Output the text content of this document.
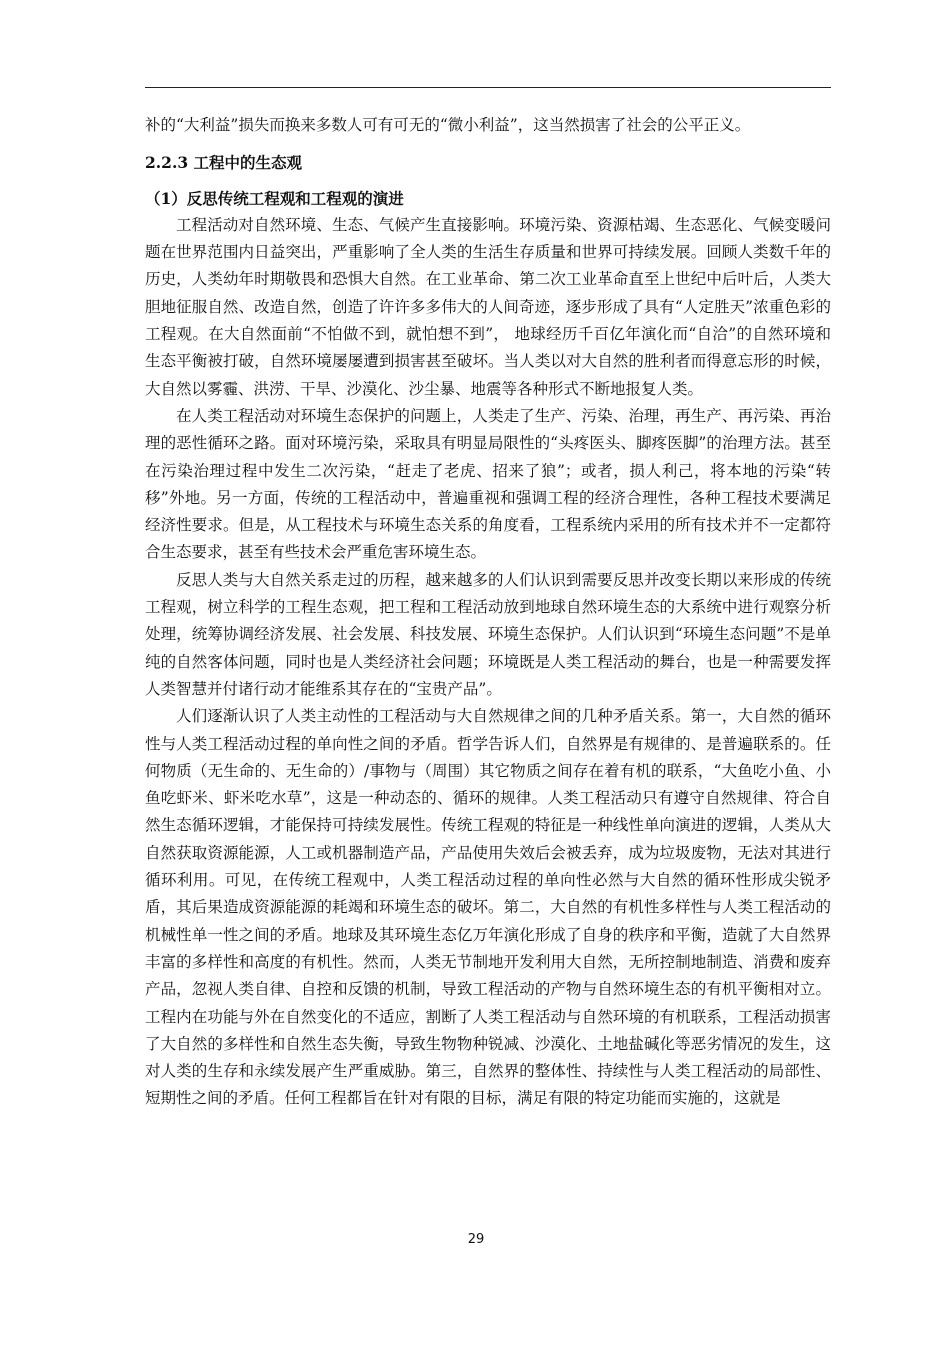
补的“大利益”损失而换来多数人可有可无的“微小利益”，这当然损害了社会的公平正义。

2.2.3 工程中的生态观
（1）反思传统工程观和工程观的演进

工程活动对自然环境、生态、气候产生直接影响。环境污染、资源枯竭、生态恶化、气候变暖问题在世界范围内日益突出，严重影响了全人类的生活生存质量和世界可持续发展。回顾人类数千年的历史，人类幼年时期敬畏和恐惧大自然。在工业革命、第二次工业革命直至上世纪中后叶后，人类大胆地征服自然、改造自然，创造了许许多多伟大的人间奇迹，逐步形成了具有“人定胜天”浓重色彩的工程观。在大自然面前“不怕做不到，就怕想不到”， 地球经历千百亿年演化而“自洽”的自然环境和生态平衡被打破，自然环境屡屡遭到损害甚至破坏。当人类以对大自然的胜利者而得意忘形的时候，大自然以雾霾、洪涝、干旱、沙漠化、沙尘暴、地震等各种形式不断地报复人类。

在人类工程活动对环境生态保护的问题上，人类走了生产、污染、治理，再生产、再污染、再治理的恶性循环之路。面对环境污染，采取具有明显局限性的“头疼医头、脚疼医脚”的治理方法。甚至在污染治理过程中发生二次污染，“赶走了老虎、招来了狼”；或者，损人利己，将本地的污染“转移”外地。另一方面，传统的工程活动中，普遍重视和强调工程的经济合理性，各种工程技术要满足经济性要求。但是，从工程技术与环境生态关系的角度看，工程系统内采用的所有技术并不一定都符合生态要求，甚至有些技术会严重危害环境生态。

反思人类与大自然关系走过的历程，越来越多的人们认识到需要反思并改变长期以来形成的传统工程观，树立科学的工程生态观，把工程和工程活动放到地球自然环境生态的大系统中进行观察分析处理，统筹协调经济发展、社会发展、科技发展、环境生态保护。人们认识到“环境生态问题”不是单纯的自然客体问题，同时也是人类经济社会问题；环境既是人类工程活动的舞台，也是一种需要发挥人类智慧并付诸行动才能维系其存在的“宝贵产品”。

人们逐渐认识了人类主动性的工程活动与大自然规律之间的几种矛盾关系。第一，大自然的循环性与人类工程活动过程的单向性之间的矛盾。哲学告诉人们，自然界是有规律的、是普遍联系的。任何物质（无生命的、无生命的）/事物与（周围）其它物质之间存在着有机的联系，“大鱼吃小鱼、小鱼吃虾米、虾米吃水草”，这是一种动态的、循环的规律。人类工程活动只有遵守自然规律、符合自然生态循环逻辑，才能保持可持续发展性。传统工程观的特征是一种线性单向演进的逻辑，人类从大自然获取资源能源，人工或机器制造产品，产品使用失效后会被丢弃，成为垃圾废物，无法对其进行循环利用。可见，在传统工程观中，人类工程活动过程的单向性必然与大自然的循环性形成尖锐矛盾，其后果造成资源能源的耗竭和环境生态的破坏。第二，大自然的有机性多样性与人类工程活动的机械性单一性之间的矛盾。地球及其环境生态亿万年演化形成了自身的秩序和平衡，造就了大自然界丰富的多样性和高度的有机性。然而，人类无节制地开发利用大自然，无所控制地制造、消费和废弃产品，忽视人类自律、自控和反馈的机制，导致工程活动的产物与自然环境生态的有机平衡相对立。工程内在功能与外在自然变化的不适应，割断了人类工程活动与自然环境的有机联系，工程活动损害了大自然的多样性和自然生态失衡，导致生物物种锐减、沙漠化、土地盐碱化等恶劣情况的发生，这对人类的生存和永续发展产生严重威胁。第三，自然界的整体性、持续性与人类工程活动的局部性、短期性之间的矛盾。任何工程都旨在针对有限的目标，满足有限的特定功能而实施的，这就是

29
